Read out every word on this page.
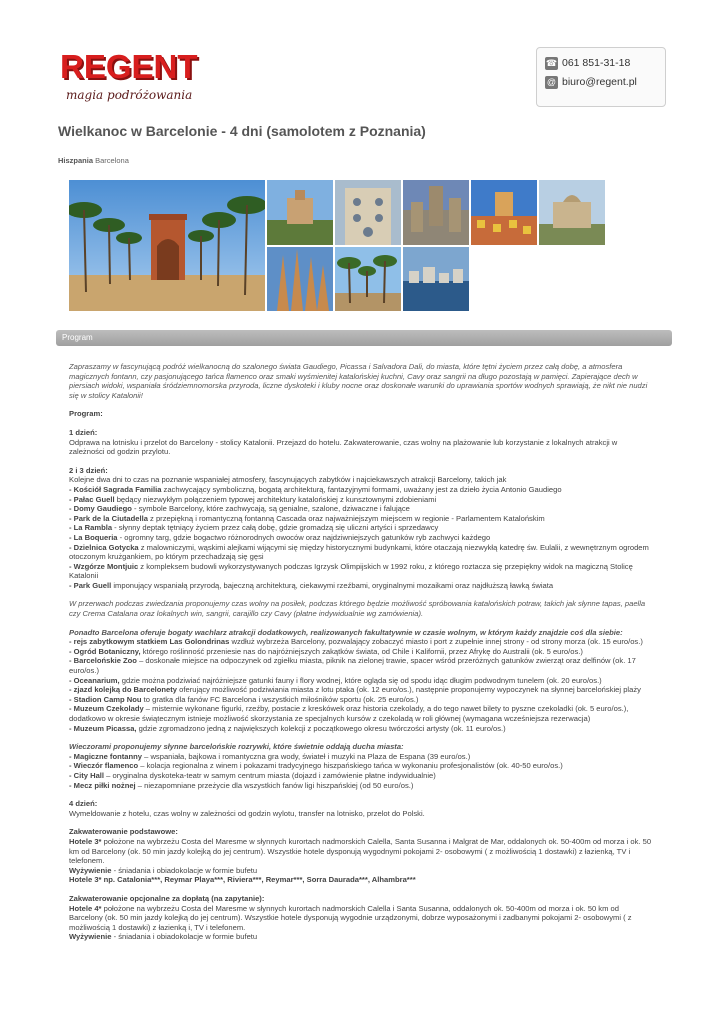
REGENT
magia podróżowania
☎ 061 851-31-18
@ biuro@regent.pl
Wielkanoc w Barcelonie - 4 dni (samolotem z Poznania)
Hiszpania Barcelona
Program

Zapraszamy w fascynującą podróż wielkanocną do szalonego świata Gaudiego, Picassa i Salvadora Dali, do miasta, które tętni życiem przez całą dobę, a atmosfera magicznych fontann, czy pasjonującego tańca flamenco oraz smaki wyśmienitej katalońskiej kuchni, Cavy oraz sangrii na długo pozostają w pamięci. Zapierające dech w piersiach widoki, wspaniała śródziemnomorska przyroda, liczne dyskoteki i kluby nocne oraz doskonałe warunki do uprawiania sportów wodnych sprawiają, że nikt nie nudzi się w stolicy Katalonii!

Program:

1 dzień:

Odprawa na lotnisku i przelot do Barcelony - stolicy Katalonii. Przejazd do hotelu. Zakwaterowanie, czas wolny na plażowanie lub korzystanie z lokalnych atrakcji w zależności od godzin przylotu.

2 i 3 dzień:

Kolejne dwa dni to czas na poznanie wspaniałej atmosfery, fascynujących zabytków i najciekawszych atrakcji Barcelony, takich jak

- Kościół Sagrada Familia zachwycający symboliczną, bogatą architekturą, fantazyjnymi formami, uważany jest za dzieło życia Antonio Gaudiego

- Pałac Guell będący niezwykłym połączeniem typowej architektury katalońskiej z kunsztownymi zdobieniami

- Domy Gaudiego - symbole Barcelony, które zachwycają, są genialne, szalone, dziwaczne i falujące

- Park de la Ciutadella z przepiękną i romantyczną fontanną Cascada oraz najważniejszym miejscem w regionie - Parlamentem Katalońskim

- La Rambla - słynny deptak tętniący życiem przez całą dobę, gdzie gromadzą się uliczni artyści i sprzedawcy

- La Boqueria - ogromny targ, gdzie bogactwo różnorodnych owoców oraz najdziwniejszych gatunków ryb zachwyci każdego

- Dzielnica Gotycka z malowniczymi, wąskimi alejkami wijącymi się między historycznymi budynkami, które otaczają niezwykłą katedrę św. Eulalii, z wewnętrznym ogrodem otoczonym krużgankiem, po którym przechadzają się gęsi

- Wzgórze Montjuic z kompleksem budowli wykorzystywanych podczas Igrzysk Olimpijskich w 1992 roku, z którego roztacza się przepiękny widok na magiczną Stolicę Katalonii

- Park Guell imponujący wspaniałą przyrodą, bajeczną architekturą, ciekawymi rzeźbami, oryginalnymi mozaikami oraz najdłuższą ławką świata

W przerwach podczas zwiedzania proponujemy czas wolny na posiłek, podczas którego będzie możliwość spróbowania katalońskich potraw, takich jak słynne tapas, paella czy Crema Catalana oraz lokalnych win, sangrii, carajillo czy Cavy (płatne indywidualnie wg zamówienia).

Ponadto Barcelona oferuje bogaty wachlarz atrakcji dodatkowych, realizowanych fakultatywnie w czasie wolnym, w którym każdy znajdzie coś dla siebie:

- rejs zabytkowym statkiem Las Golondrinas wzdłuż wybrzeża Barcelony, pozwalający zobaczyć miasto i port z zupełnie innej strony - od strony morza (ok. 15 euro/os.)

- Ogród Botaniczny, którego roślinność przeniesie nas do najróżniejszych zakątków świata, od Chile i Kalifornii, przez Afrykę do Australii (ok. 5 euro/os.)

- Barcelońskie Zoo – doskonałe miejsce na odpoczynek od zgiełku miasta, piknik na zielonej trawie, spacer wśród przeróżnych gatunków zwierząt oraz delfinów (ok. 17 euro/os.)

- Oceanarium, gdzie można podziwiać najróżniejsze gatunki fauny i flory wodnej, które ogląda się od spodu idąc długim podwodnym tunelem (ok. 20 euro/os.)

- zjazd kolejką do Barcelonety oferujący możliwość podziwiania miasta z lotu ptaka (ok. 12 euro/os.), następnie proponujemy wypoczynek na słynnej barcelońskiej plaży

- Stadion Camp Nou to gratka dla fanów FC Barcelona i wszystkich miłośników sportu (ok. 25 euro/os.)

- Muzeum Czekolady – misternie wykonane figurki, rzeźby, postacie z kreskówek oraz historia czekolady, a do tego nawet bilety to pyszne czekoladki (ok. 5 euro/os.), dodatkowo w okresie świątecznym istnieje możliwość skorzystania ze specjalnych kursów z czekoladą w roli głównej (wymagana wcześniejsza rezerwacja)

- Muzeum Picassa, gdzie zgromadzono jedną z największych kolekcji z początkowego okresu twórczości artysty (ok. 11 euro/os.)

Wieczorami proponujemy słynne barcelońskie rozrywki, które świetnie oddają ducha miasta:

- Magiczne fontanny – wspaniała, bajkowa i romantyczna gra wody, świateł i muzyki na Plaza de Espana (39 euro/os.)

- Wieczór flamenco – kolacja regionalna z winem i pokazami tradycyjnego hiszpańskiego tańca w wykonaniu profesjonalistów (ok. 40-50 euro/os.)

- City Hall – oryginalna dyskoteka-teatr w samym centrum miasta (dojazd i zamówienie płatne indywidualnie)

- Mecz piłki nożnej – niezapomniane przeżycie dla wszystkich fanów ligi hiszpańskiej (od 50 euro/os.)

4 dzień:

Wymeldowanie z hotelu, czas wolny w zależności od godzin wylotu, transfer na lotnisko, przelot do Polski.

Zakwaterowanie podstawowe:

Hotele 3* położone na wybrzeżu Costa del Maresme w słynnych kurortach nadmorskich Calella, Santa Susanna i Malgrat de Mar, oddalonych ok. 50-400m od morza i ok. 50 km od Barcelony (ok. 50 min jazdy kolejką do jej centrum). Wszystkie hotele dysponują wygodnymi pokojami 2- osobowymi ( z możliwością 1 dostawki) z łazienką, TV i telefonem.

Wyżywienie - śniadania i obiadokolacje w formie bufetu

Hotele 3* np. Catalonia***, Reymar Playa***, Riviera***, Reymar***, Sorra Daurada***, Alhambra***

Zakwaterowanie opcjonalne za dopłatą (na zapytanie):

Hotele 4* położone na wybrzeżu Costa del Maresme w słynnych kurortach nadmorskich Calella i Santa Susanna, oddalonych ok. 50-400m od morza i ok. 50 km od Barcelony (ok. 50 min jazdy kolejką do jej centrum). Wszystkie hotele dysponują wygodnie urządzonymi, dobrze wyposażonymi i zadbanymi pokojami 2- osobowymi ( z możliwością 1 dostawki) z łazienką i, TV i telefonem.

Wyżywienie - śniadania i obiadokolacje w formie bufetu
